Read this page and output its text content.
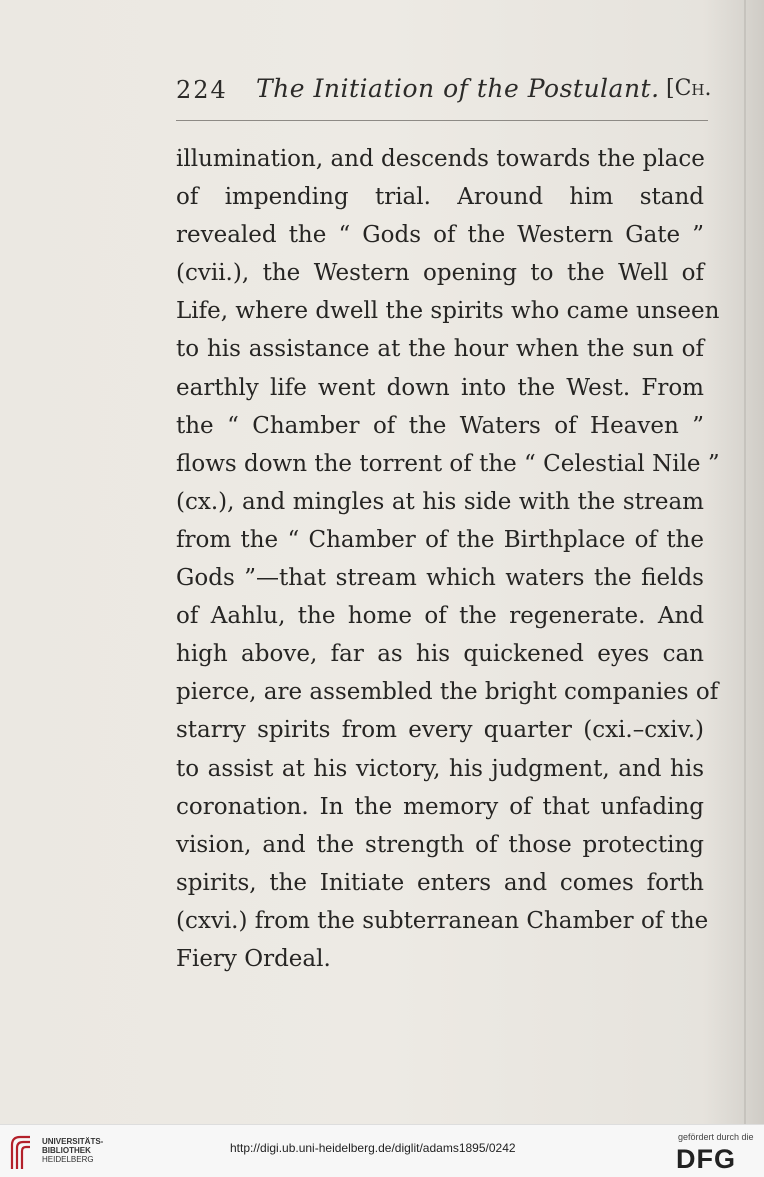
224 The Initiation of the Postulant. [Ch.
illumination, and descends towards the place
of impending trial. Around him stand
revealed the “ Gods of the Western Gate ”
(cvii.), the Western opening to the Well of
Life, where dwell the spirits who came unseen
to his assistance at the hour when the sun of
earthly life went down into the West. From
the “ Chamber of the Waters of Heaven ”
flows down the torrent of the “ Celestial Nile ”
(cx.), and mingles at his side with the stream
from the “ Chamber of the Birthplace of the
Gods ”—that stream which waters the fields
of Aahlu, the home of the regenerate. And
high above, far as his quickened eyes can
pierce, are assembled the bright companies of
starry spirits from every quarter (cxi.–cxiv.)
to assist at his victory, his judgment, and his
coronation. In the memory of that unfading
vision, and the strength of those protecting
spirits, the Initiate enters and comes forth
(cxvi.) from the subterranean Chamber of the
Fiery Ordeal.
UNIVERSITÄTS-
BIBLIOTHEK
HEIDELBERG
http://digi.ub.uni-heidelberg.de/diglit/adams1895/0242
gefördert durch die
DFG
